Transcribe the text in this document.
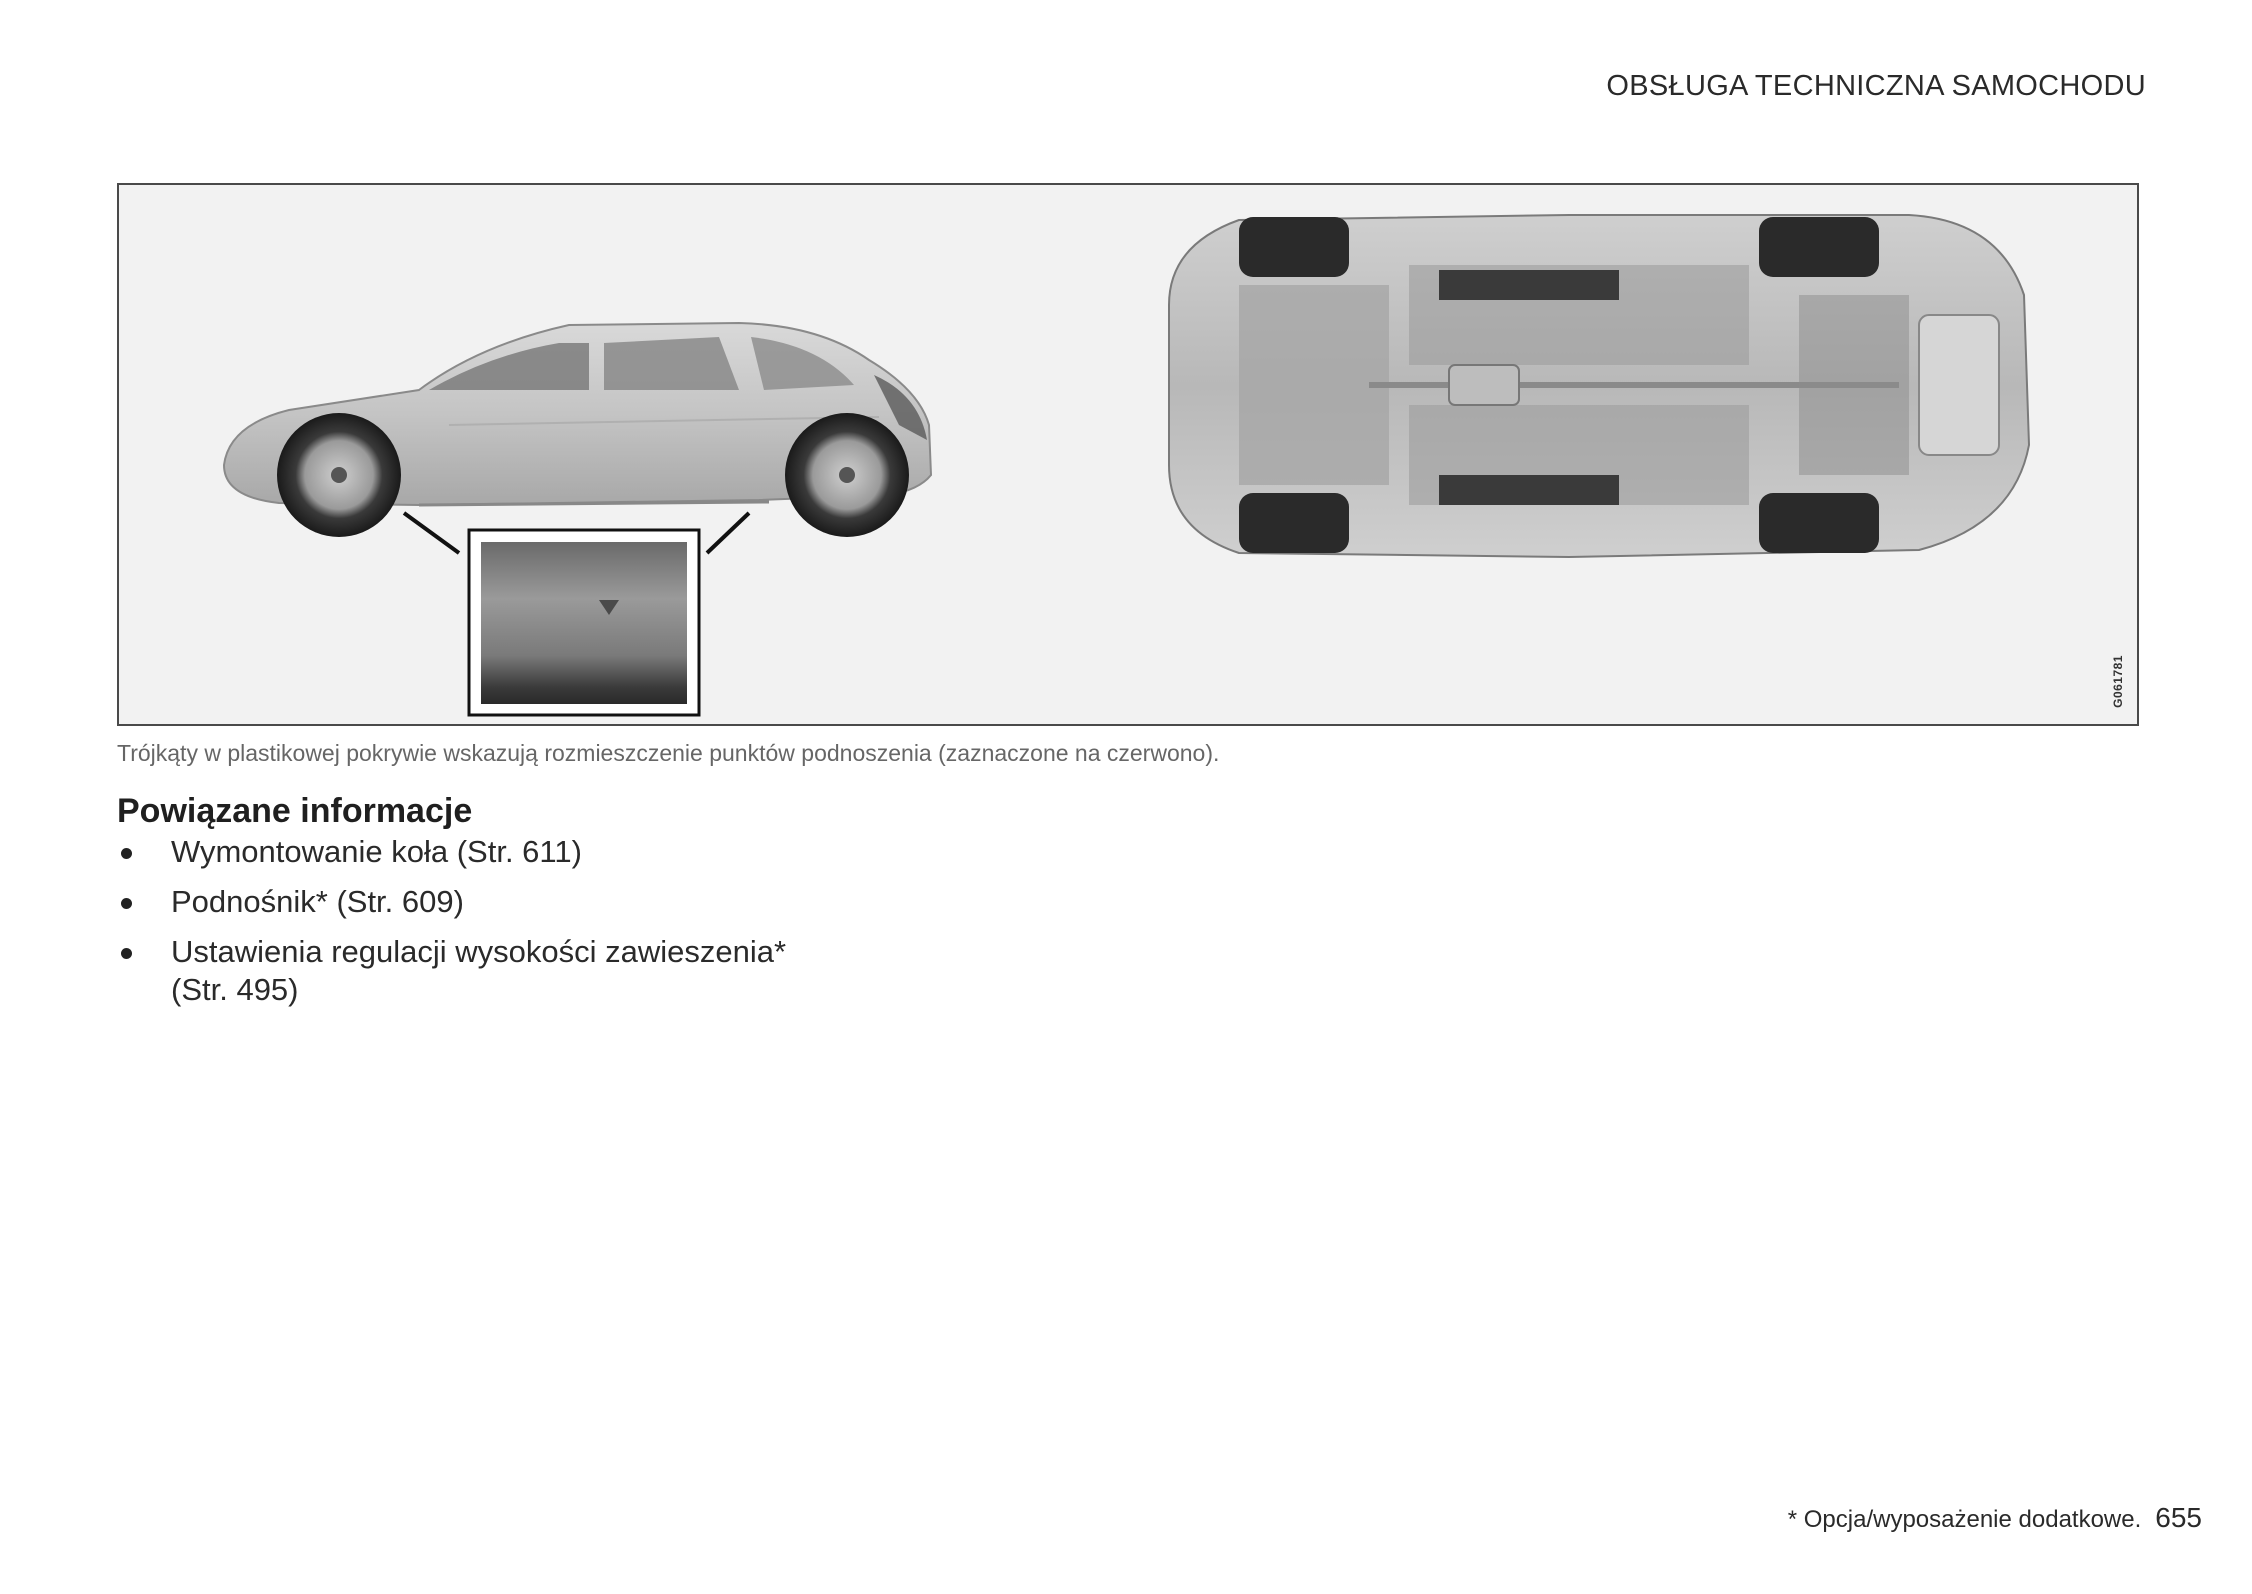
OBSŁUGA TECHNICZNA SAMOCHODU
G061781
Trójkąty w plastikowej pokrywie wskazują rozmieszczenie punktów podnoszenia (zaznaczone na czerwono).
Powiązane informacje
Wymontowanie koła (Str. 611)
Podnośnik* (Str. 609)
Ustawienia regulacji wysokości zawieszenia*
(Str. 495)
* Opcja/wyposażenie dodatkowe. 655
